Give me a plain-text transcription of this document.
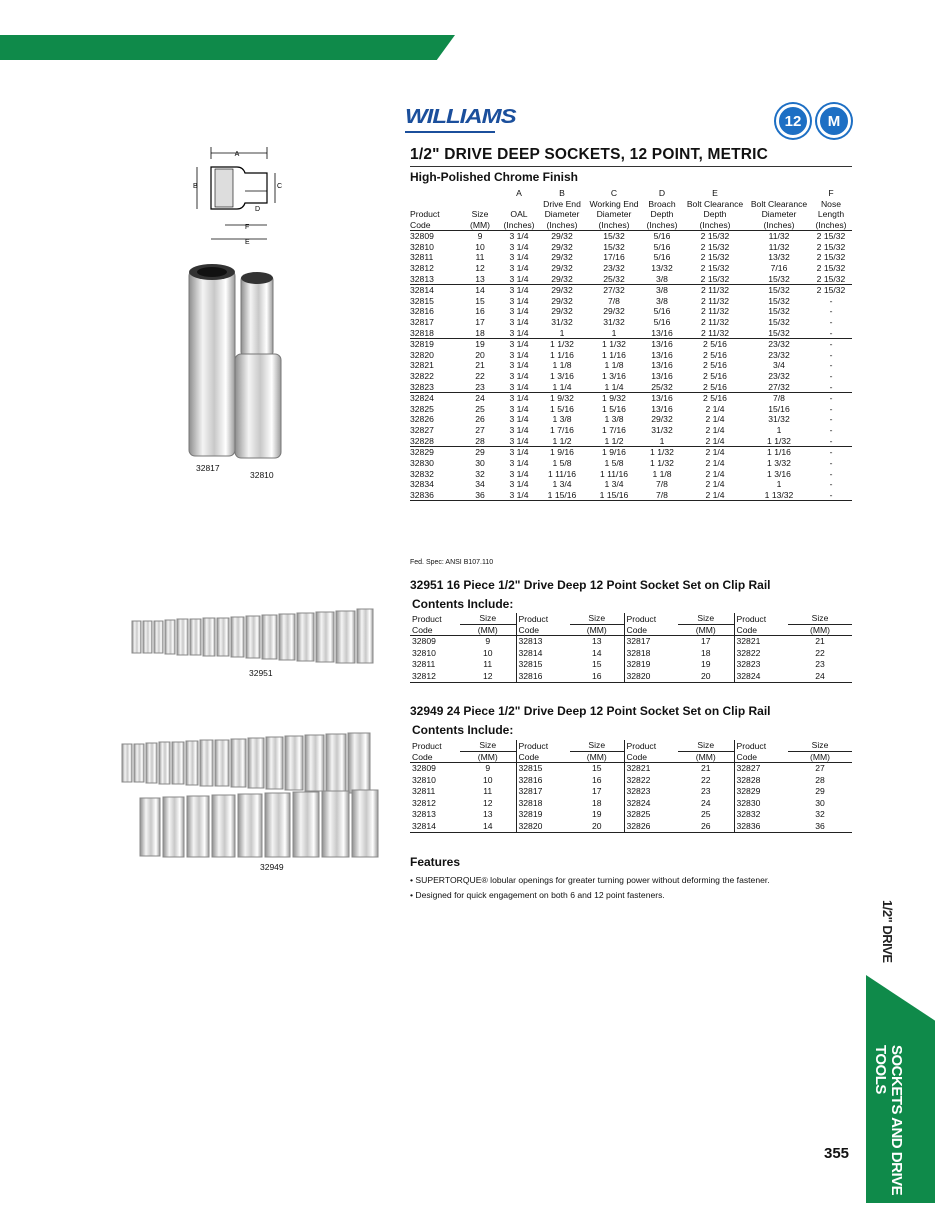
WILLIAMS	12	M
1/2" DRIVE DEEP SOCKETS, 12 POINT, METRIC
High-Polished Chrome Finish
A
B	C
D
F
E
32817
32810
32951
32949
		A	B	C	D	E		F
			Drive End	Working End	Broach	Bolt Clearance	Bolt Clearance	Nose
Product	Size	OAL	Diameter	Diameter	Depth	Depth	Diameter	Length
Code	(MM)	(Inches)	(Inches)	(Inches)	(Inches)	(Inches)	(Inches)	(Inches)
32809	9	3 1/4	29/32	15/32	5/16	2 15/32	11/32	2 15/32
32810	10	3 1/4	29/32	15/32	5/16	2 15/32	11/32	2 15/32
32811	11	3 1/4	29/32	17/16	5/16	2 15/32	13/32	2 15/32
32812	12	3 1/4	29/32	23/32	13/32	2 15/32	7/16	2 15/32
32813	13	3 1/4	29/32	25/32	3/8	2 15/32	15/32	2 15/32
32814	14	3 1/4	29/32	27/32	3/8	2 11/32	15/32	2 15/32
32815	15	3 1/4	29/32	7/8	3/8	2 11/32	15/32	-
32816	16	3 1/4	29/32	29/32	5/16	2 11/32	15/32	-
32817	17	3 1/4	31/32	31/32	5/16	2 11/32	15/32	-
32818	18	3 1/4	1	1	13/16	2 11/32	15/32	-
32819	19	3 1/4	1 1/32	1 1/32	13/16	2 5/16	23/32	-
32820	20	3 1/4	1 1/16	1 1/16	13/16	2 5/16	23/32	-
32821	21	3 1/4	1 1/8	1 1/8	13/16	2 5/16	3/4	-
32822	22	3 1/4	1 3/16	1 3/16	13/16	2 5/16	23/32	-
32823	23	3 1/4	1 1/4	1 1/4	25/32	2 5/16	27/32	-
32824	24	3 1/4	1 9/32	1 9/32	13/16	2 5/16	7/8	-
32825	25	3 1/4	1 5/16	1 5/16	13/16	2 1/4	15/16	-
32826	26	3 1/4	1 3/8	1 3/8	29/32	2 1/4	31/32	-
32827	27	3 1/4	1 7/16	1 7/16	31/32	2 1/4	1	-
32828	28	3 1/4	1 1/2	1 1/2	1	2 1/4	1 1/32	-
32829	29	3 1/4	1 9/16	1 9/16	1 1/32	2 1/4	1 1/16	-
32830	30	3 1/4	1 5/8	1 5/8	1 1/32	2 1/4	1 3/32	-
32832	32	3 1/4	1 11/16	1 11/16	1 1/8	2 1/4	1 3/16	-
32834	34	3 1/4	1 3/4	1 3/4	7/8	2 1/4	1	-
32836	36	3 1/4	1 15/16	1 15/16	7/8	2 1/4	1 13/32	-
Fed. Spec: ANSI B107.110
32951 16 Piece 1/2" Drive Deep 12 Point Socket Set on Clip Rail
Contents Include:
Product	Size	Product	Size	Product	Size	Product	Size
Code	(MM)	Code	(MM)	Code	(MM)	Code	(MM)
32809	9	32813	13	32817	17	32821	21
32810	10	32814	14	32818	18	32822	22
32811	11	32815	15	32819	19	32823	23
32812	12	32816	16	32820	20	32824	24
32949 24 Piece 1/2" Drive Deep 12 Point Socket Set on Clip Rail
Contents Include:
Product	Size	Product	Size	Product	Size	Product	Size
Code	(MM)	Code	(MM)	Code	(MM)	Code	(MM)
32809	9	32815	15	32821	21	32827	27
32810	10	32816	16	32822	22	32828	28
32811	11	32817	17	32823	23	32829	29
32812	12	32818	18	32824	24	32830	30
32813	13	32819	19	32825	25	32832	32
32814	14	32820	20	32826	26	32836	36
Features
• SUPERTORQUE® lobular openings for greater turning power without deforming the fastener.
• Designed for quick engagement on both 6 and 12 point fasteners.
1/2" DRIVE
SOCKETS AND DRIVE TOOLS
355
